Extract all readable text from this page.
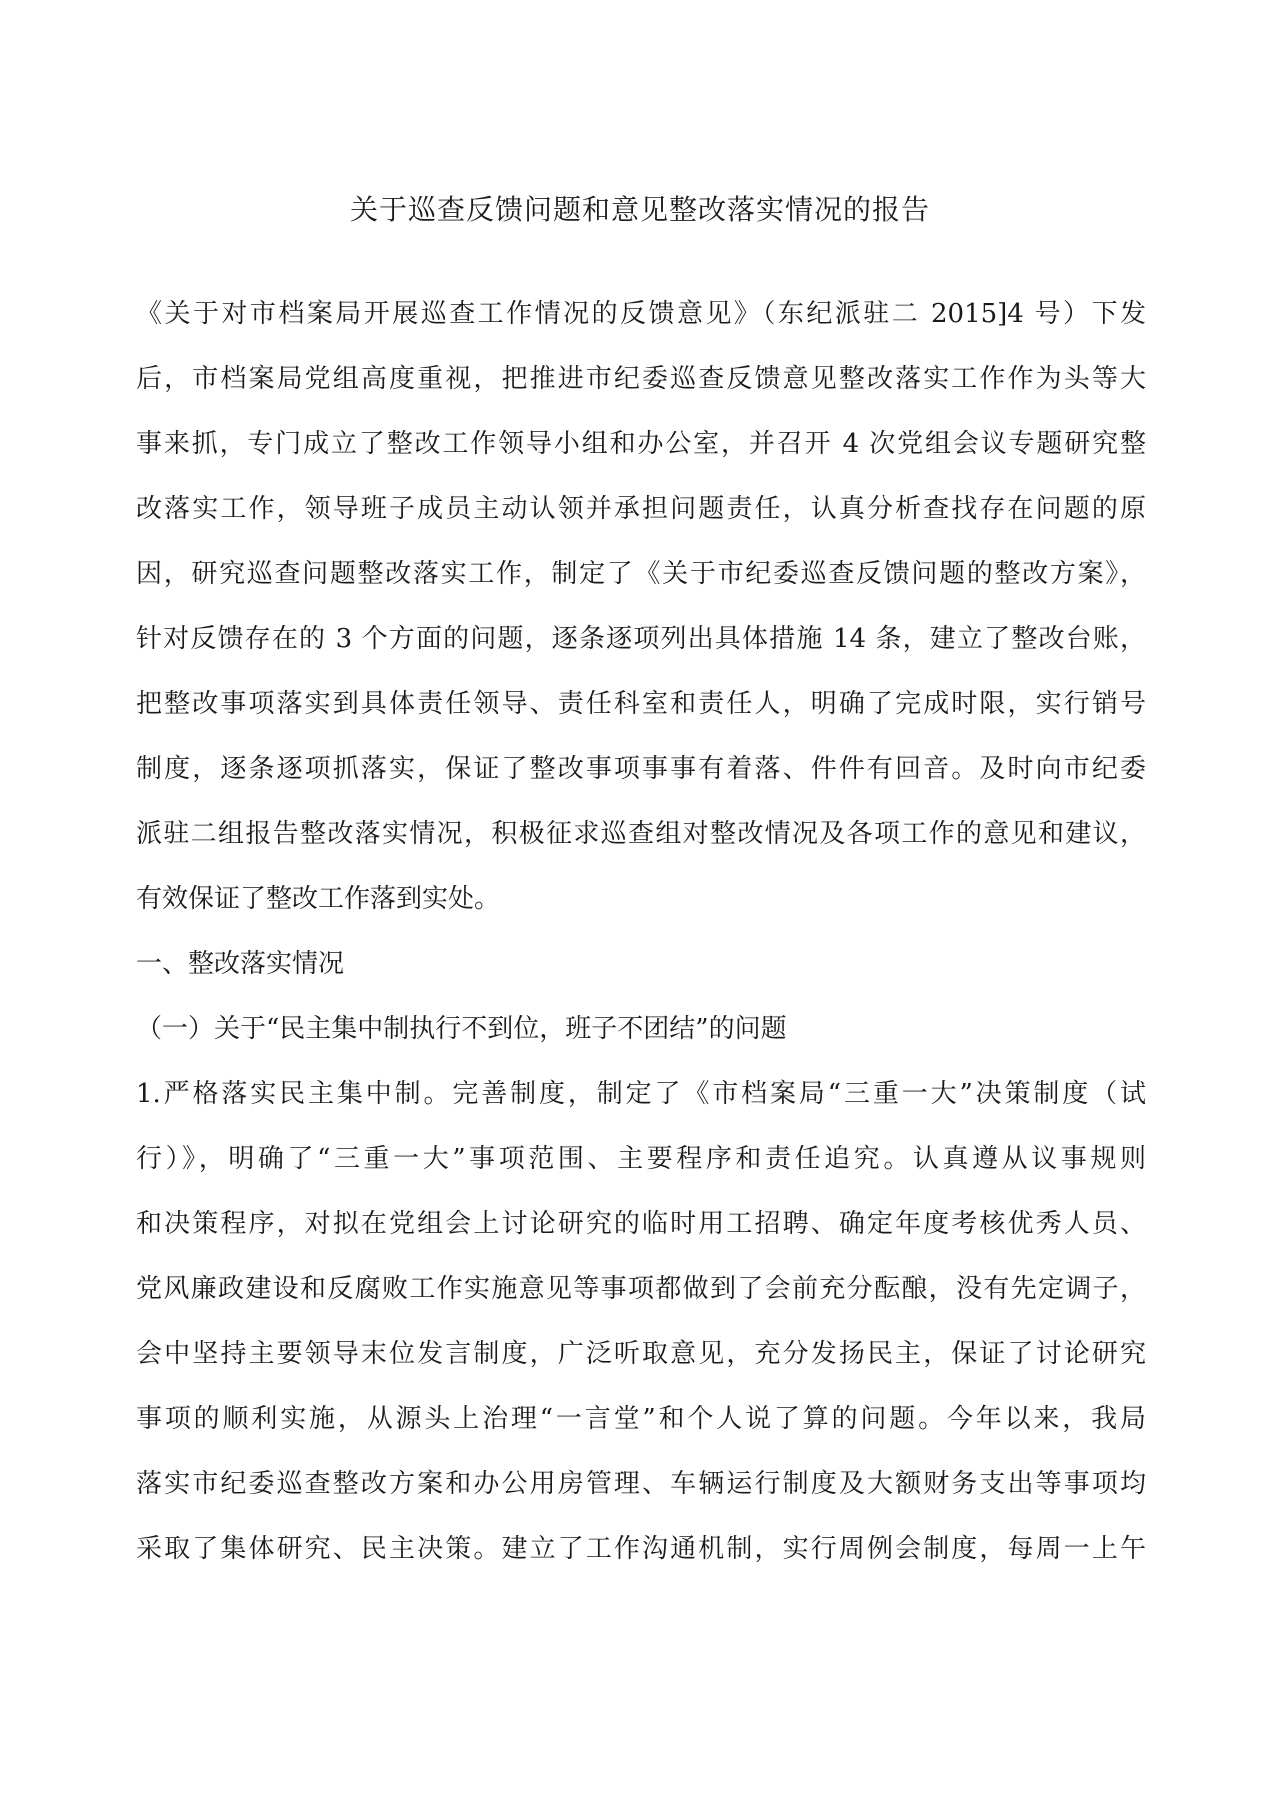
关于巡查反馈问题和意见整改落实情况的报告
《关于对市档案局开展巡查工作情况的反馈意见》（东纪派驻二 2015]4 号）下发
后，市档案局党组高度重视，把推进市纪委巡查反馈意见整改落实工作作为头等大
事来抓，专门成立了整改工作领导小组和办公室，并召开 4 次党组会议专题研究整
改落实工作，领导班子成员主动认领并承担问题责任，认真分析查找存在问题的原
因，研究巡查问题整改落实工作，制定了《关于市纪委巡查反馈问题的整改方案》，
针对反馈存在的 3 个方面的问题，逐条逐项列出具体措施 14 条，建立了整改台账，
把整改事项落实到具体责任领导、责任科室和责任人，明确了完成时限，实行销号
制度，逐条逐项抓落实，保证了整改事项事事有着落、件件有回音。及时向市纪委
派驻二组报告整改落实情况，积极征求巡查组对整改情况及各项工作的意见和建议，
有效保证了整改工作落到实处。
一、整改落实情况
（一）关于“民主集中制执行不到位，班子不团结”的问题
1.严格落实民主集中制。完善制度，制定了《市档案局“三重一大”决策制度（试
行）》，明确了“三重一大”事项范围、主要程序和责任追究。认真遵从议事规则
和决策程序，对拟在党组会上讨论研究的临时用工招聘、确定年度考核优秀人员、
党风廉政建设和反腐败工作实施意见等事项都做到了会前充分酝酿，没有先定调子，
会中坚持主要领导末位发言制度，广泛听取意见，充分发扬民主，保证了讨论研究
事项的顺利实施，从源头上治理“一言堂”和个人说了算的问题。今年以来，我局
落实市纪委巡查整改方案和办公用房管理、车辆运行制度及大额财务支出等事项均
采取了集体研究、民主决策。建立了工作沟通机制，实行周例会制度，每周一上午
